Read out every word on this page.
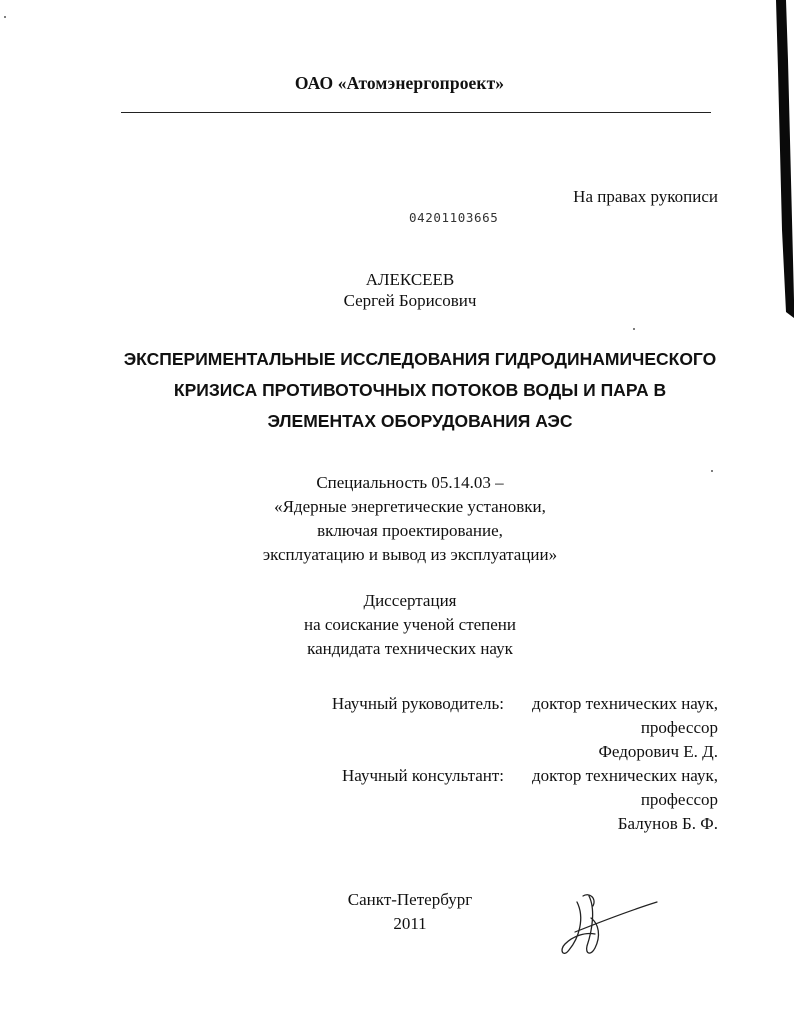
ОАО «Атомэнергопроект»
На правах рукописи
04201103665
АЛЕКСЕЕВ
Сергей Борисович
ЭКСПЕРИМЕНТАЛЬНЫЕ ИССЛЕДОВАНИЯ ГИДРОДИНАМИЧЕСКОГО
КРИЗИСА ПРОТИВОТОЧНЫХ ПОТОКОВ ВОДЫ И ПАРА В
ЭЛЕМЕНТАХ ОБОРУДОВАНИЯ АЭС
Специальность 05.14.03 –
«Ядерные энергетические установки,
включая проектирование,
эксплуатацию и вывод из эксплуатации»
Диссертация
на соискание ученой степени
кандидата технических наук
Научный руководитель:	доктор технических наук,
профессор
Федорович Е. Д.
Научный консультант:	доктор технических наук,
профессор
Балунов Б. Ф.
Санкт-Петербург
2011
